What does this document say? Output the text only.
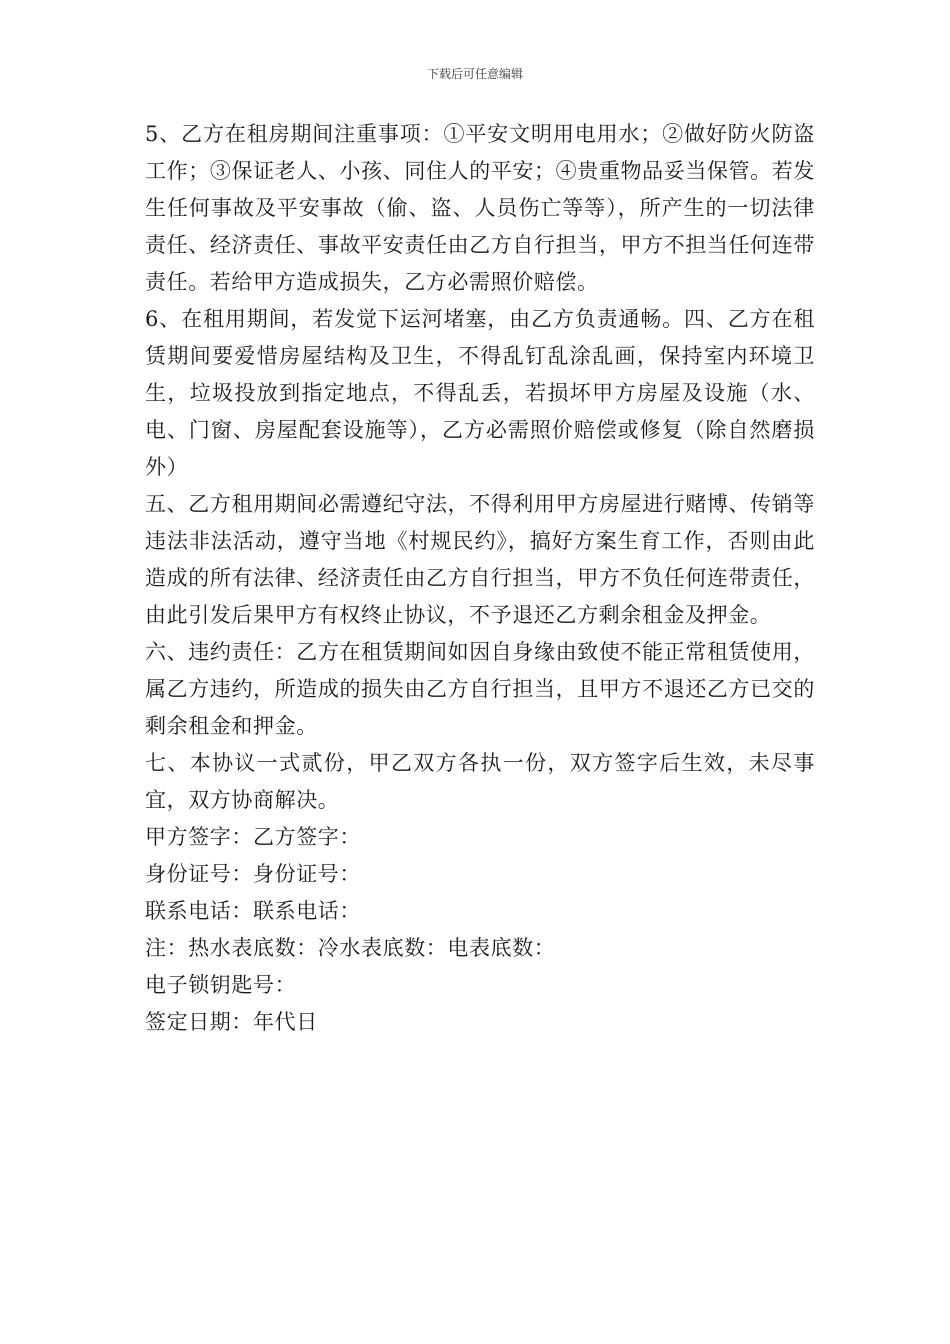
下载后可任意编辑

5、乙方在租房期间注重事项：①平安文明用电用水；②做好防火防盗工作；③保证老人、小孩、同住人的平安；④贵重物品妥当保管。若发生任何事故及平安事故（偷、盗、人员伤亡等等），所产生的一切法律责任、经济责任、事故平安责任由乙方自行担当，甲方不担当任何连带责任。若给甲方造成损失，乙方必需照价赔偿。

6、在租用期间，若发觉下运河堵塞，由乙方负责通畅。四、乙方在租赁期间要爱惜房屋结构及卫生，不得乱钉乱涂乱画，保持室内环境卫生，垃圾投放到指定地点，不得乱丢，若损坏甲方房屋及设施（水、电、门窗、房屋配套设施等），乙方必需照价赔偿或修复（除自然磨损外）

五、乙方租用期间必需遵纪守法，不得利用甲方房屋进行赌博、传销等违法非法活动，遵守当地《村规民约》，搞好方案生育工作，否则由此造成的所有法律、经济责任由乙方自行担当，甲方不负任何连带责任，由此引发后果甲方有权终止协议，不予退还乙方剩余租金及押金。

六、违约责任：乙方在租赁期间如因自身缘由致使不能正常租赁使用，属乙方违约，所造成的损失由乙方自行担当，且甲方不退还乙方已交的剩余租金和押金。

七、本协议一式贰份，甲乙双方各执一份，双方签字后生效，未尽事宜，双方协商解决。

甲方签字：乙方签字：

身份证号：身份证号：

联系电话：联系电话：

注：热水表底数：冷水表底数：电表底数：

电子锁钥匙号：

签定日期：年代日
